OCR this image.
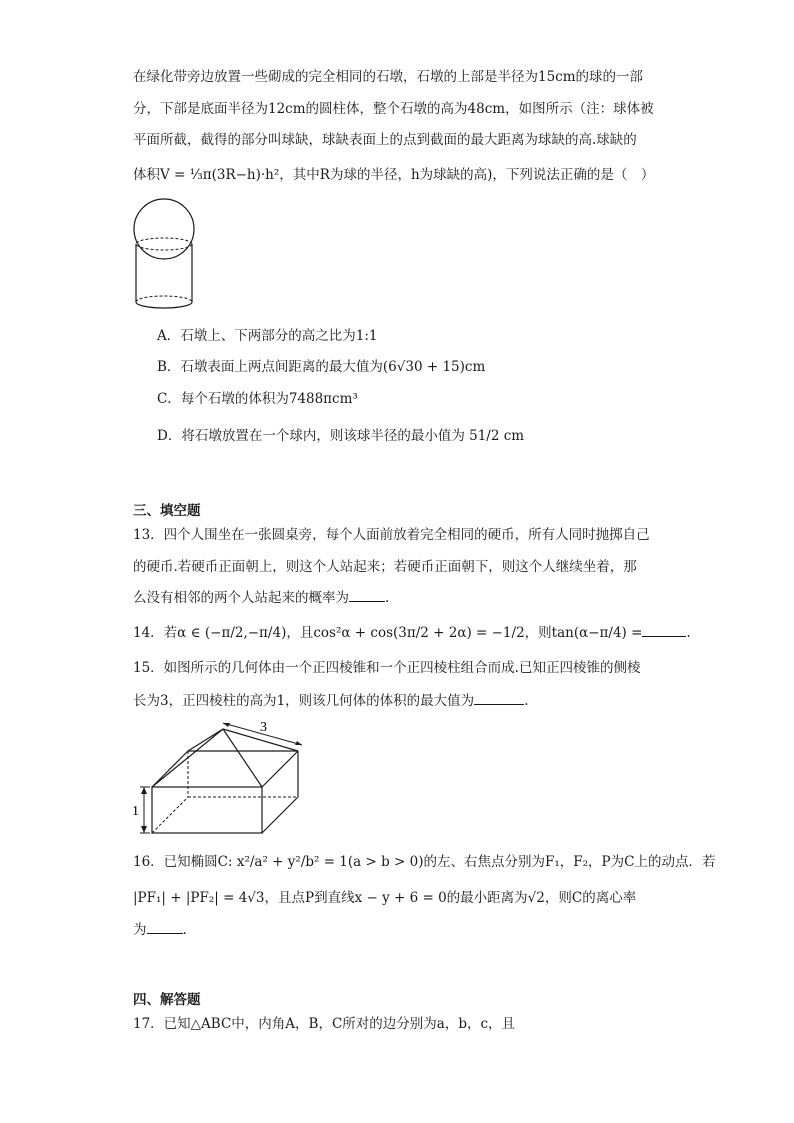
在绿化带旁边放置一些砌成的完全相同的石墩，石墩的上部是半径为15cm的球的一部
分，下部是底面半径为12cm的圆柱体，整个石墩的高为48cm，如图所示（注：球体被
平面所截，截得的部分叫球缺，球缺表面上的点到截面的最大距离为球缺的高.球缺的
体积V = ⅓π(3R−h)·h²，其中R为球的半径，h为球缺的高)，下列说法正确的是（　）
A．石墩上、下两部分的高之比为1:1
B．石墩表面上两点间距离的最大值为(6√30 + 15)cm
C．每个石墩的体积为7488πcm³
D．将石墩放置在一个球内，则该球半径的最小值为 51/2 cm
三、填空题
13．四个人围坐在一张圆桌旁，每个人面前放着完全相同的硬币，所有人同时抛掷自己
的硬币.若硬币正面朝上，则这个人站起来；若硬币正面朝下，则这个人继续坐着，那
么没有相邻的两个人站起来的概率为	.
14．若α ∈ (−π/2,−π/4)，且cos²α + cos(3π/2 + 2α) = −1/2，则tan(α−π/4) =	.
15．如图所示的几何体由一个正四棱锥和一个正四棱柱组合而成.已知正四棱锥的侧棱
长为3，正四棱柱的高为1，则该几何体的体积的最大值为	.
3
1
16．已知椭圆C: x²/a² + y²/b² = 1(a > b > 0)的左、右焦点分别为F₁，F₂，P为C上的动点．若
|PF₁| + |PF₂| = 4√3，且点P到直线x − y + 6 = 0的最小距离为√2，则C的离心率
为	.
四、解答题
17．已知△ABC中，内角A，B，C所对的边分别为a，b，c，且
